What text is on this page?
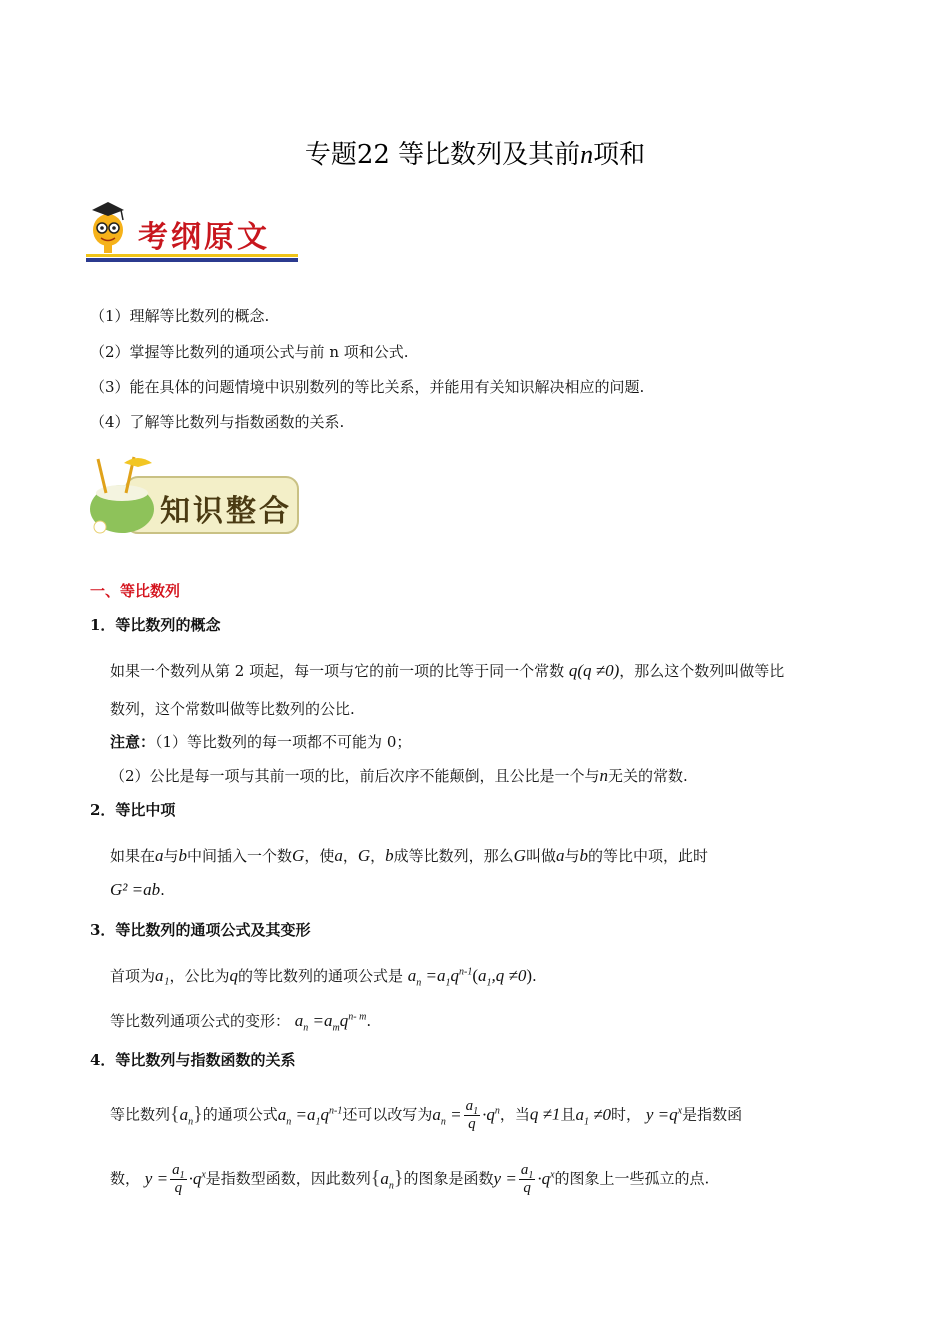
专题22 等比数列及其前n项和
考纲原文
（1）理解等比数列的概念.
（2）掌握等比数列的通项公式与前 n 项和公式.
（3）能在具体的问题情境中识别数列的等比关系，并能用有关知识解决相应的问题.
（4）了解等比数列与指数函数的关系.
知识整合
一、等比数列
1．等比数列的概念
如果一个数列从第 2 项起，每一项与它的前一项的比等于同一个常数 q(q ≠0)，那么这个数列叫做等比
数列，这个常数叫做等比数列的公比.
注意：（1）等比数列的每一项都不可能为 0；
（2）公比是每一项与其前一项的比，前后次序不能颠倒，且公比是一个与n无关的常数.
2．等比中项
如果在a与b中间插入一个数G，使a，G，b成等比数列，那么G叫做a与b的等比中项，此时
G² =ab.
3．等比数列的通项公式及其变形
首项为a₁，公比为q的等比数列的通项公式是 $a_n =a_1q^{n-1}(a_1,q \ne 0)$.
等比数列通项公式的变形： $a_n =a_mq^{n- m}$.
4．等比数列与指数函数的关系
等比数列$\{a_n\}$的通项公式$a_n =a_1q^{n-1}$还可以改写为$a_n = \frac{a_1}{q} \cdot q^n$，当q ≠1且$a_1 \ne 0$时， $y =q^x$是指数函
数， $y = \frac{a_1}{q} \cdot q^x$是指数型函数，因此数列$\{a_n\}$的图象是函数$y = \frac{a_1}{q} \cdot q^x$的图象上一些孤立的点.
